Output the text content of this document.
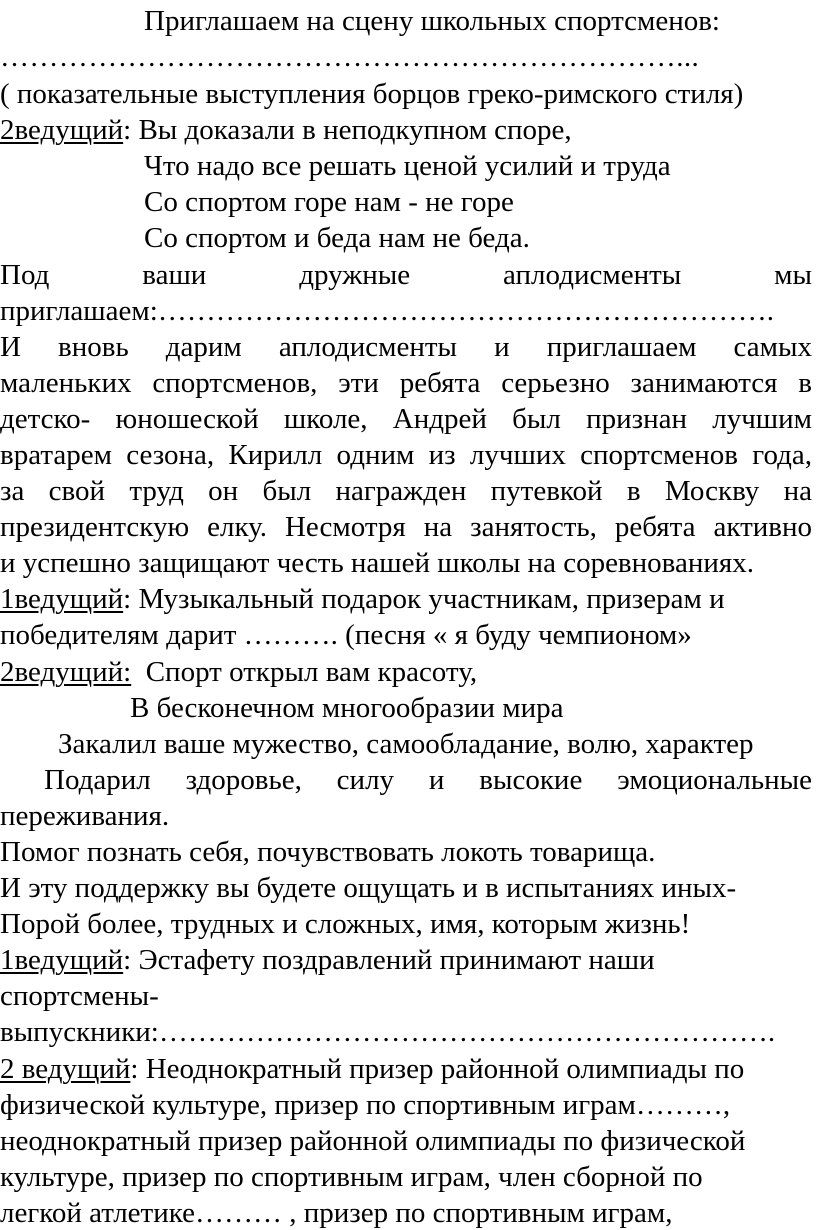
Приглашаем на сцену школьных спортсменов:
……………………………………………………………...
( показательные выступления борцов греко-римского стиля)
2ведущий: Вы доказали в неподкупном споре,
Что надо все решать ценой усилий и труда
Со спортом горе нам - не горе
Со спортом и беда нам не беда.
Под ваши дружные аплодисменты мы
приглашаем:……………………………………………………….
И вновь дарим аплодисменты и приглашаем самых
маленьких спортсменов, эти ребята серьезно занимаются в
детско- юношеской школе, Андрей был признан лучшим
вратарем сезона, Кирилл одним из лучших спортсменов года,
за свой труд он был награжден путевкой в Москву на
президентскую елку. Несмотря на занятость, ребята активно
и успешно защищают честь нашей школы на соревнованиях.
1ведущий: Музыкальный подарок участникам, призерам и
победителям дарит ………. (песня « я буду чемпионом»
2ведущий:  Спорт открыл вам красоту,
В бесконечном многообразии мира
Закалил ваше мужество, самообладание, волю, характер
Подарил здоровье, силу и высокие эмоциональные
переживания.
Помог познать себя, почувствовать локоть товарища.
И эту поддержку вы будете ощущать и в испытаниях иных-
Порой более, трудных и сложных, имя, которым жизнь!
1ведущий: Эстафету поздравлений принимают наши
спортсмены-
выпускники:……………………………………………………….
2 ведущий: Неоднократный призер районной олимпиады по
физической культуре, призер по спортивным играм………,
неоднократный призер районной олимпиады по физической
культуре, призер по спортивным играм, член сборной по
легкой атлетике……… , призер по спортивным играм,
